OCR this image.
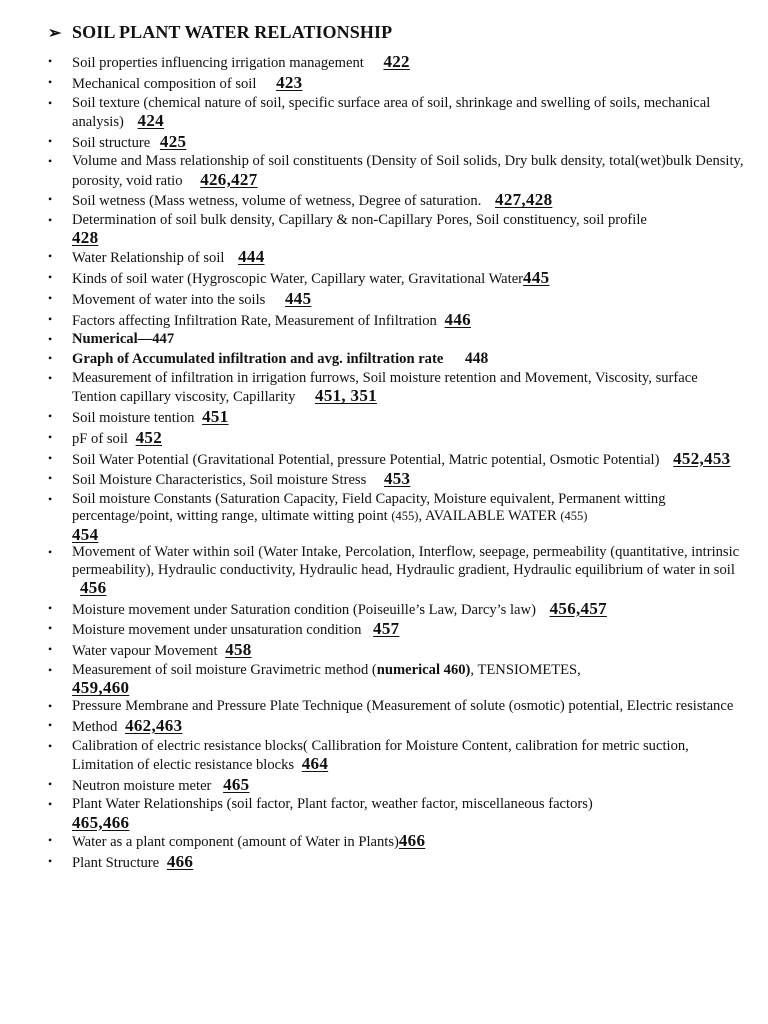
➢ SOIL PLANT WATER RELATIONSHIP
• Soil properties influencing irrigation management 422
• Mechanical composition of soil 423
• Soil texture (chemical nature of soil, specific surface area of soil, shrinkage and swelling of soils, mechanical analysis) 424
• Soil structure 425
• Volume and Mass relationship of soil constituents (Density of Soil solids, Dry bulk density, total(wet)bulk Density, porosity, void ratio 426,427
• Soil wetness (Mass wetness, volume of wetness, Degree of saturation. 427,428
• Determination of soil bulk density, Capillary & non-Capillary Pores, Soil constituency, soil profile
428
• Water Relationship of soil 444
• Kinds of soil water (Hygroscopic Water, Capillary water, Gravitational Water445
• Movement of water into the soils 445
• Factors affecting Infiltration Rate, Measurement of Infiltration 446
• Numerical—447
• Graph of Accumulated infiltration and avg. infiltration rate 448
• Measurement of infiltration in irrigation furrows, Soil moisture retention and Movement, Viscosity, surface Tention capillary viscosity, Capillarity 451, 351
• Soil moisture tention 451
• pF of soil 452
• Soil Water Potential (Gravitational Potential, pressure Potential, Matric potential, Osmotic Potential) 452,453
• Soil Moisture Characteristics, Soil moisture Stress 453
• Soil moisture Constants (Saturation Capacity, Field Capacity, Moisture equivalent, Permanent witting percentage/point, witting range, ultimate witting point (455), AVAILABLE WATER (455)
454
• Movement of Water within soil (Water Intake, Percolation, Interflow, seepage, permeability (quantitative, intrinsic permeability), Hydraulic conductivity, Hydraulic head, Hydraulic gradient, Hydraulic equilibrium of water in soil 456
• Moisture movement under Saturation condition (Poiseuille’s Law, Darcy’s law) 456,457
• Moisture movement under unsaturation condition 457
• Water vapour Movement 458
• Measurement of soil moisture Gravimetric method (numerical 460), TENSIOMETES,
459,460
• Pressure Membrane and Pressure Plate Technique (Measurement of solute (osmotic) potential, Electric resistance
• Method 462,463
• Calibration of electric resistance blocks( Callibration for Moisture Content, calibration for metric suction, Limitation of electic resistance blocks 464
• Neutron moisture meter 465
• Plant Water Relationships (soil factor, Plant factor, weather factor, miscellaneous factors)
465,466
• Water as a plant component (amount of Water in Plants)466
• Plant Structure 466
